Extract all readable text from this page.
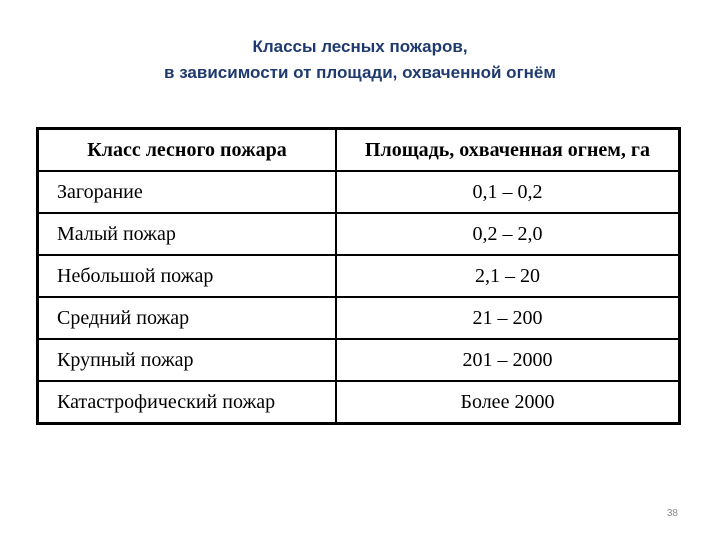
Классы лесных пожаров,
в зависимости от площади, охваченной огнём
Класс лесного пожара	Площадь, охваченная огнем, га
Загорание	0,1 – 0,2
Малый пожар	0,2 – 2,0
Небольшой пожар	2,1 – 20
Средний пожар	21 – 200
Крупный пожар	201 – 2000
Катастрофический пожар	Более 2000
38
